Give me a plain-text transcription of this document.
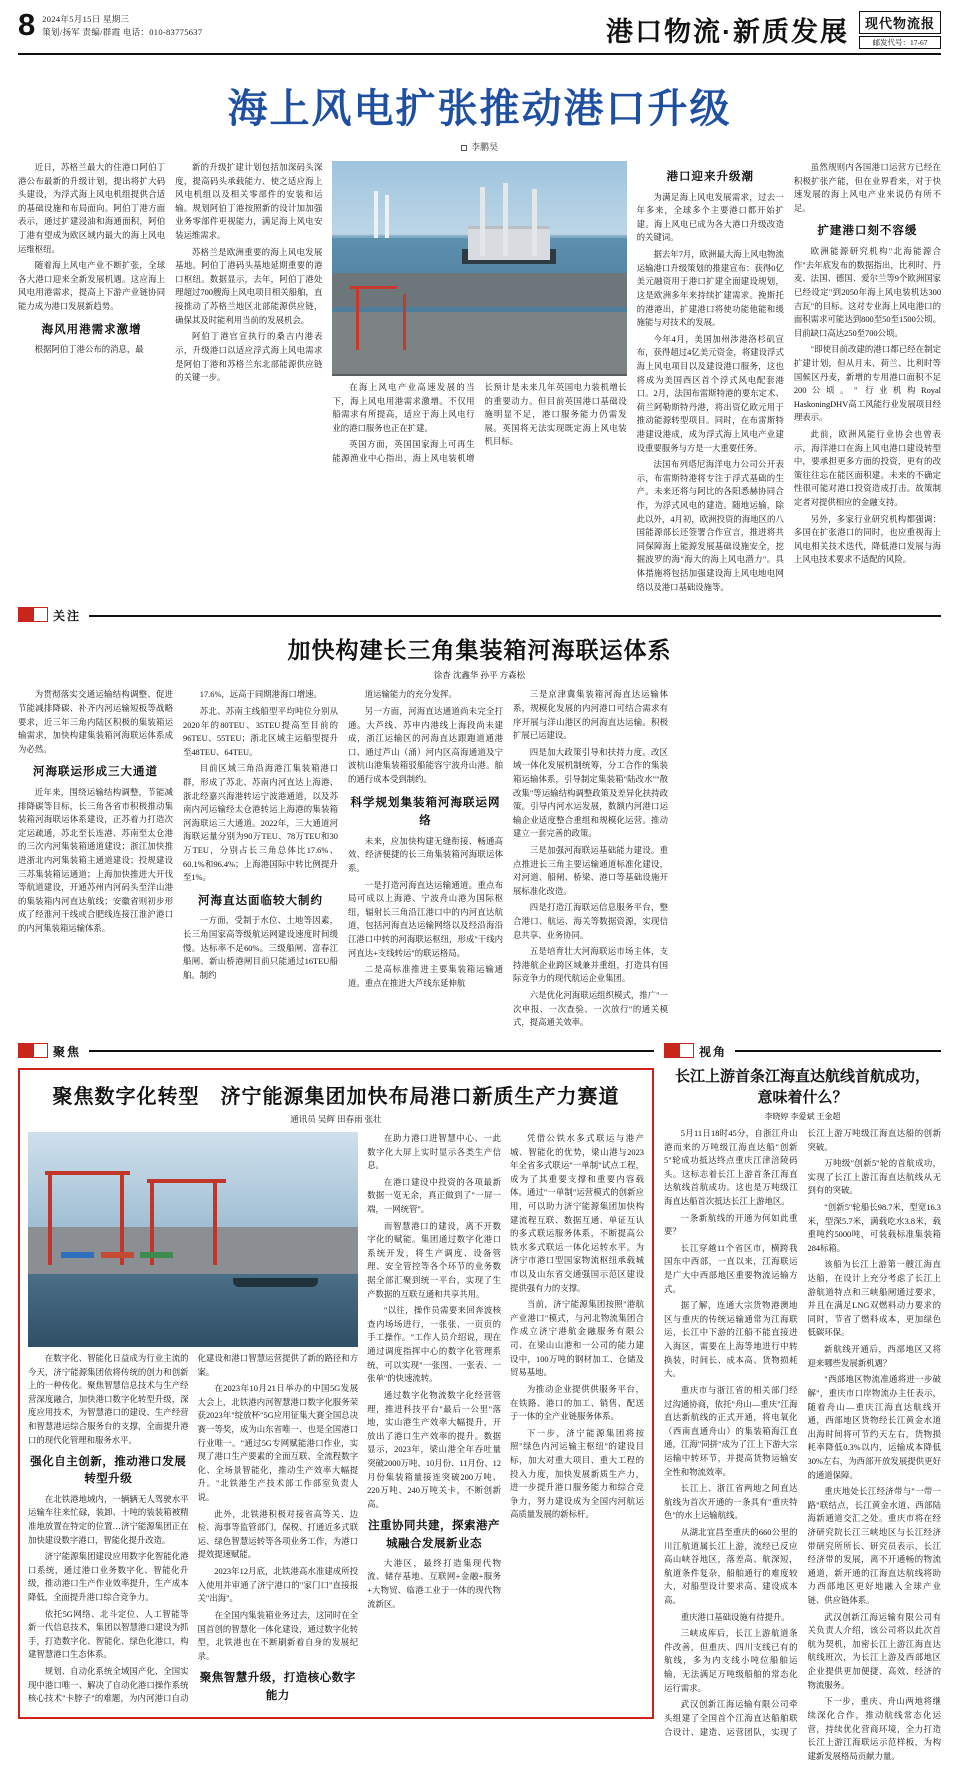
8 2024年5月15日 星期三
策划/扬军 责编/群霞 电话：010-83775637	港口物流·新质发展	现代物流报
邮发代号：17-67
海上风电扩张推动港口升级
李鹏昊

近日，苏格兰最大的住港口阿伯丁港公布最新的升级计划，提出将扩大码头建设，为浮式海上风电机组提供合适的基础设施和布局面向。阿伯丁港方面表示，通过扩建浸油和海通面积，阿伯丁港有望成为欧区域内最大的海上风电运维枢纽。

随着海上风电产业不断扩张，全球各大港口迎来全新发展机遇。这应海上风电用港需求，提高上下游产业链协同能力成为港口发展新趋势。

海风用港需求激增

根据阿伯丁港公布的消息，最

新的升级扩建计划包括加深码头深度，提高码头承载能力、使之适应海上风电机组以及相关零部件的安装和运输。规划阿伯丁港按照新的设计加加强业务零部件更视能力，满足海上风电安装运维需求。

苏格兰是欧洲重要的海上风电发展基地。阿伯丁港码头基地延期重要的港口枢纽。数据显示，去年，阿伯丁港处理超过700艘海上风电项目相关船舶，直接推动了苏格兰地区北部能源供应链，确保其及时能利用当前的发展机会。

阿伯丁港官宣执行的桑吉内港表示，升级港口以适应浮式海上风电需求是阿伯丁港和苏格兰东北部能源供应链的关键一步。

在海上风电产业高速发展的当下，海上风电用港需求激增。不仅用船需求有所提高，适应于海上风电行业的港口服务也正在扩建。

英国方面，英国国家海上可再生能源渔业中心指出，海上风电装机增长预计是未来几年英国电力装机增长的重要动力。但目前英国港口基础设施明显不足，港口服务能力仍需发展。英国将无法实现既定海上风电装机目标。

港口迎来升级潮

为满足海上风电发展需求，过去一年多来，全球多个主要港口都开始扩建。海上风电已成为各大港口升级改造的关键词。

据去年7月，欧洲最大海上风电物流运输港口升级策划的推建宣布：获得0亿美元融资用于港口扩建全面建设规划，这是欧洲多年来持续扩建需求。挽斯托的港港出，扩建港口将使功能他能和缓施能与对技术的发展。

今年4月，美国加州涉港洛杉矶宣布，获得超过4亿美元资金，将建设浮式海上风电项目以及建设港口服务，这也将成为美国西区首个浮式风电配套港口。2月，法国布雷斯特港的要东定术、荷兰阿勒斯特丹港，将出资亿欧元用于推动能源转型项目。同时，在布雷斯特港建设港成，成为浮式海上风电产业建设重要服务与方是一大重要任务。

法国布列塔尼海洋电力公司公开表示，布雷斯特港将专注于浮式基础的生产。未来还将与阿比的各阳悉赫协同合作，为浮式风电的建造。随地运输，除此以外，4月初，欧洲投资的海地区的八国能源部长还签署合作宣言，推进将共同保障海上能源发展基础设施安全，挖掘波罗的海"海大的海上风电潜力"。具体措施将包括加强建设海上风电地电网络以及港口基础设施等。

虽然规则内各国港口运营方已经在积极扩张产能，但在业界看来，对于快速发展的海上风电产业来说仍有所不足。

扩建港口刻不容缓

欧洲能源研究机构"北海能源合作"去年底发布的数据指出，比利时、丹麦、法国、德国、爱尔兰等9个欧洲国家已经设定"到2050年海上风电装机达300吉瓦"的目标。这对专业海上风电港口的面积需求可能达到800至50至1500公顷。目前缺口高达250至700公顷。

"即使目前改建的港口都已经在制定扩建计划，但从月末、荷兰、比利时等国候区丹麦，新增的专用港口面积不足200公顷。" 行业机构Royal HaskoningDHV高工风能行业发展项目经理表示。

此前，欧洲风能行业协会也曾表示，海洋港口在海上风电港口建设转型中，要承担更多方面的投资，更有的改策往往忘在能区面积建。未来的不确定性很可能对港口投资造成打击。故策制定者对提供相应的金融支持。

另外，多家行业研究机构都强调：多国在扩张港口的同时，也应重视海上风电相关技术迭代，降低港口发展与海上风电技术要求不适配的风险。

关注
加快构建长三角集装箱河海联运体系
徐杳 沈鑫华 孙平 方森松

为贯彻落实交通运输结构调整、促进节能减排降碳、补齐内河运输短板等战略要求，近三年三角内陆区积极的集装箱运输需求，加快构建集装箱河海联运体系成为必然。

河海联运形成三大通道

近年来，围绕运输结构调整，节能减排降碳等目标，长三角各省市积极推动集装箱河海联运体系建设，正苏着力打造次定运疏通，苏北至长连港、苏南至太仓港的三次内河集装箱通道建设；浙江加快推进浙北内河集装箱主通道建设；投规建设三苏集装箱运通道；上海加快推进大开伐等航道建设，开通苏州内河码头至洋山港的集装箱内河直达航线；安徽省则初步形成了经淮河干线或合肥线连接江淮沪港口的内河集装箱运输体系。

17.6%，远高于同期港海口增速。

苏北、苏南主线船型平均吨位分别从2020年的80TEU、35TEU提高至目前的96TEU、55TEU；浙北区域主运船型提升至48TEU、64TEU。

目前区域三角沿海港江集装箱港口群，形成了苏北、苏南内河直达上海港、浙北经嘉兴海港转运宁波港通道，以及苏南内河运输经太仓港转运上海港的集装箱河海联运三大通道。2022年，三大通道河海联运量分别为90万TEU、78万TEU和30万TEU，分别占长三角总体比17.6%、60.1%和96.4%；上海港国际中转比例提升至1%。

河海直达面临较大制约

一方面，受制于水位、土地等因素，长三角国家高等级航运网建设速度时间缓慢。达标率不足60%。三级船闸、富春江船闸、新山桥港闸目前只能通过16TEU船舶。制约

道运输能力的充分发挥。

另一方面，河海直达通道尚未完全打通。大芦线、苏申内港线上海段尚未建成，浙江运输区的河海直达跟跑道通港口、通过芦山（涌）河内区高海通道及宁波杭山港集装箱驳船能容宁波舟山港。舶的通行成本受到制约。

科学规划集装箱河海联运网络

未来，应加快构建无缝衔接、畅通高效、经济便捷的长三角集装箱河海联运体系。

一是打造河海直达运输通道。重点布局可成以上海港、宁波舟山港为国际枢纽，辐射长三角沿江港口中的内河直达航道，包括河海直达运输网络以及经沿海沿江港口中转的河海联运枢纽，形成"干线内河直达+支线转运"的联运格局。

二是高标准推进主要集装箱运输通道。重点在推进大芦线东延伸航

三是京津冀集装箱河海直达运输体系，规模化发展的内河港口可结合需求有序开展与洋山港区的河海直达运输。积极扩展已运建设。

四是加大政策引导和扶持力度。改区域一体化发展机制统筹，分工合作的集装箱运输体系，引导制定集装箱"陆改水""散改集"等运输结构调整政策及差异化扶持政策。引导内河水运发展，数额内河港口运输企业适度整合重组和规模化运营。推动建立一套完善的政策。

三是加强河海联运基础能力建设。重点推进长三角主要运输通道标准化建设，对河道、船闸、桥梁、港口等基础设施开展标准化改造。

四是打造江海联运信息服务平台，整合港口、航运、海关等数据资源，实现信息共享、业务协同。

五是培育壮大河海联运市场主体，支持港航企业跨区域兼并重组，打造具有国际竞争力的现代航运企业集团。

六是优化河海联运组织模式，推广"一次申报、一次查验、一次放行"的通关模式，提高通关效率。

聚焦
聚焦数字化转型　济宁能源集团加快布局港口新质生产力赛道
通讯员 吴辉 田春雨 张壮

在数字化、智能化日益成为行业主流的今天，济宁能源集团依将传统的创力和创新上的一种传化。聚焦智慧信息技术与生产经营深度融合，加快港口数字化转型升级，深度应用技术，为智慧港口的建设、生产经营和智慧港运综合服务台的支撑，全面提升港口的现代化管理和服务水平。

强化自主创新，推动港口发展转型升级

在北铁港地域内，一辆辆无人驾驶水平运输车往来忙碌，装卸、十吨的装装箱被精准地放置在特定的位置…济宁能源集团正在加快建设数字港口，智能化提升改造。

济宁能源集团建设应用数字化智能化港口系统，通过港口业务数字化、智能化升级，推动港口生产作业效率提升，生产成本降低，全面提升港口综合竞争力。

依托5G网络、北斗定位、人工智能等新一代信息技术，集团以智慧港口建设为抓手，打造数字化、智能化、绿色化港口，构建智慧港口生态体系。

规划、自动化系统全域国产化、全国实现中港口唯一、解决了自动化港口操作系统核心技术"卡脖子"的难题，为内河港口自动化建设和港口智慧运营提供了新的路径和方案。

在2023年10月21日举办的中国5G发展大会上，北铁港内河智慧港口数字化服务荣获2023年"绽放杯"5G应用征集大赛全国总决赛一等奖，成为山东省唯一、也是全国港口行业唯一。"通过5G专网赋能港口作业，实现了港口生产要素的全面互联、全流程数字化、全场景智能化，推动生产效率大幅提升。"北铁港生产技术部工作部室负责人说。

此外，北铁港积极对接省高等关、边检、海事等监管部门，保税、打通近多式联运、绿色智慧运转等各项业务工作，为港口提效提速赋能。

2023年12月底，北铁港高水准建成所投入使用并审通了济宁港口的"家门口"直接报关"出海"。

在全国内集装箱业务过去，这同时在全国首创的智慧化一体化建设，通过数字化转型，北铁港也在不断刷新着自身的发展纪录。

聚焦智慧升级，打造核心数字能力

在助力港口进智慧中心、一此数字化大屏上实时显示各类生产信息。

在港口建设中投资的各项最新数据一览无余，真正做到了"一屏一端，一网统管"。

而智慧港口的建设，离不开数字化的赋能。集团通过数字化港口系统开发，将生产调度、设备管理、安全管控等各个环节的业务数据全部汇聚到统一平台，实现了生产数据的互联互通和共享共用。

"以往，操作员需要来回奔波核查内场场进行，一张张、一页页的手工操作。"工作人员介绍说，现在通过调度指挥中心的数字化管理系统，可以实现"一张图、一张表、一张单"的快速流转。

通过数字化物流数字化经营管理，推进科技平台"最后一公里"落地，实山港生产效率大幅提升，开放出了港口生产效率的提升。数据显示，2023年，梁山港全年吞吐量突破2000万吨、10月份、11月份、12月份集装箱量接连突破200万吨、220万吨、240万吨关卡，不断创新高。

注重协同共建，探索港产城融合发展新业态

大港区，最终打造集现代物流、储存基地、互联网+金融+服务+大物贸、临港工业于一体的现代物流新区。

凭借公铁水多式联运与港产城、智能化的优势，梁山港与2023年全省多式联运"一单制"试点工程，成为了其重要支撑和重要内容载体。通过"一单制"运营模式的创新应用，可以助力济宁能源集团加快构建流程互联、数据互通、单证互认的多式联运服务体系，不断提高公铁水多式联运一体化运转水平。为济宁市港口型国家物流枢纽承载城市以及山东省交通强国示范区建设提供强有力的支撑。

当前，济宁能源集团按照"港航产业港口"模式，与河北物流集团合作成立济宁港航金融服务有限公司、在梁山山港和一公司的能力建设中，100万吨的钢材加工、仓储及贸易基地。

为推动企业提供供服务平台，在铁路、港口的加工、销售、配送于一体的全产业链服务体系。

下一步，济宁能源集团将按照"绿色内河运输主枢纽"的建设目标，加大对重大项目、重大工程的投入力度，加快发展新质生产力，进一步提升港口服务能力和综合竞争力，努力建设成为全国内河航运高质量发展的新标杆。

视角
长江上游首条江海直达航线首航成功，
意味着什么？
李晓婷 李爱斌 王金超

5月11日18时45分，自浙江舟山港而来的万吨级江海直达船"创新5"轮成功抵达终点重庆江津涪陵码头。这标志着长江上游首条江海直达航线首航成功。这也是万吨级江海直达船首次抵达长江上游地区。

一条新航线的开通为何如此重要？

长江穿越11个省区市，横跨我国东中西部，一直以来，江海联运是广大中西部地区重要物流运输方式。

据了解，连通大宗货物港澳地区与重庆的传统运输通常为江海联运，长江中下游的江船不能直接进入海区，需要在上海等地进行中转换装，时间长、成本高、货物损耗大。

重庆市与浙江省的相关部门经过沟通协商，依托"舟山—重庆"江海直达新航线的正式开通，将电氧化（西南直通舟山）的集装箱海江直通，江海"同拼"成为了江上下游大宗运输中转环节，并提高货物运输安全性和物流效率。

长江上、浙江省两地之间直达航线为首次开通的一条具有"重庆特色"的水上运输航线。

从湖北宜昌至重庆的660公里的川江航道属长江上游，流经已反应高山峡谷地区，落差高、航深短，航道条件复杂，船舶通行的难度较大，对船型设计要求高、建设成本高。

重庆港口基础设施有待提升。

三峡成库后，长江上游航道条件改善，但重庆、四川支线已有的航线，多为内支线小吨位船舶运输，无法满足万吨级船舶的常态化运行需求。

武汉创新江海运输有限公司牵头组建了全国首个江海直达船舶联合设计、建造、运营团队，实现了长江上游万吨级江海直达船的创新突破。

万吨级"创新5"轮的首航成功，实现了长江上游江海直达航线从无到有的突破。

"创新5"轮船长98.7米，型宽16.3米，型深5.7米，满载吃水3.8米，载重吨约5000吨，可装载标准集装箱284标箱。

该船为长江上游第一艘江海直达船，在设计上充分考虑了长江上游航道特点和三峡船闸通过要求，并且在满足LNG双燃料动力要求的同时，节省了燃料成本，更加绿色低碳环保。

新航线开通后，西部地区又将迎来哪些发展新机遇？

"西部地区物流准通将进一步破解"，重庆市口岸物流办主任表示，随着舟山—重庆江海直达航线开通，西部地区货物经长江黄金水道出海时间将可节约天左右，货物损耗率降低0.3%以内，运输成本降低30%左右，为西部开放发展提供更好的通道保障。

重庆地处长江经济带与"一带一路"联结点，长江黄金水道、西部陆海新通道交汇之处。重庆市将在经济研究院长江三峡地区与长江经济带研究所所长、研究员表示，长江经济带的发展，离不开通畅的物流通道，新开通的江海直达航线将助力西部地区更好地融入全球产业链、供应链体系。

武汉创新江海运输有限公司有关负责人介绍，该公司将以此次首航为契机，加密长江上游江海直达航线班次，为长江上游及西部地区企业提供更加便捷、高效、经济的物流服务。

下一步，重庆、舟山两地将继续深化合作，推动航线常态化运营，持续优化营商环境，全力打造长江上游江海联运示范样板，为构建新发展格局贡献力量。
